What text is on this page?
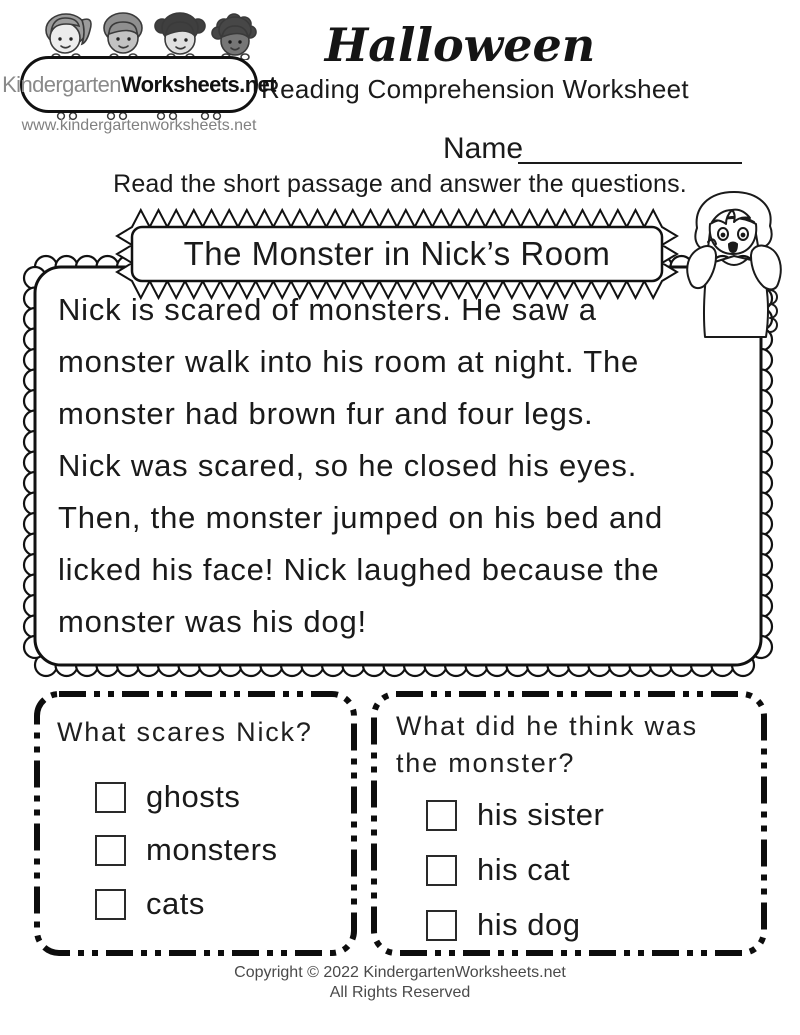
Kindergarten Worksheets.net
www.kindergartenworksheets.net
Halloween
Reading Comprehension Worksheet
Name
Read the short passage and answer the questions.
The Monster in Nick’s Room
Nick is scared of monsters. He saw a
monster walk into his room at night. The
monster had brown fur and four legs.
Nick was scared, so he closed his eyes.
Then, the monster jumped on his bed and
licked his face! Nick laughed because the
monster was his dog!
What scares Nick?
ghosts
monsters
cats
What did he think was the monster?
his sister
his cat
his dog
Copyright © 2022 KindergartenWorksheets.net
All Rights Reserved
